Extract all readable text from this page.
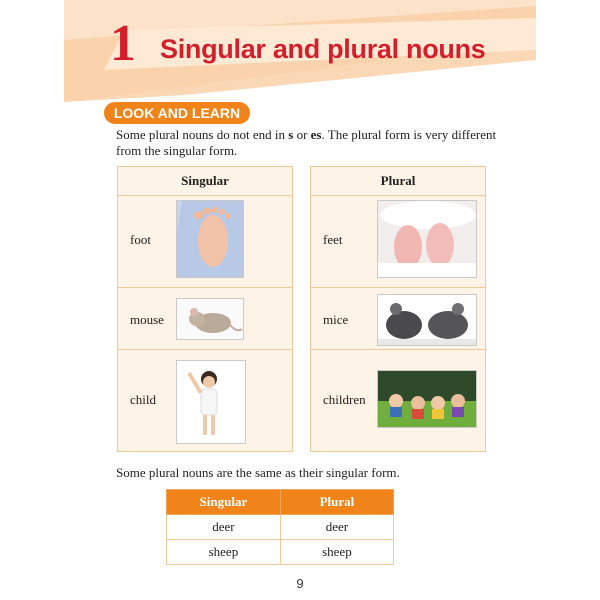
1 Singular and plural nouns
LOOK AND LEARN
Some plural nouns do not end in s or es. The plural form is very different from the singular form.
Singular
foot
mouse
child
Plural
feet
mice
children
Some plural nouns are the same as their singular form.
Singular	Plural
deer	deer
sheep	sheep
9
